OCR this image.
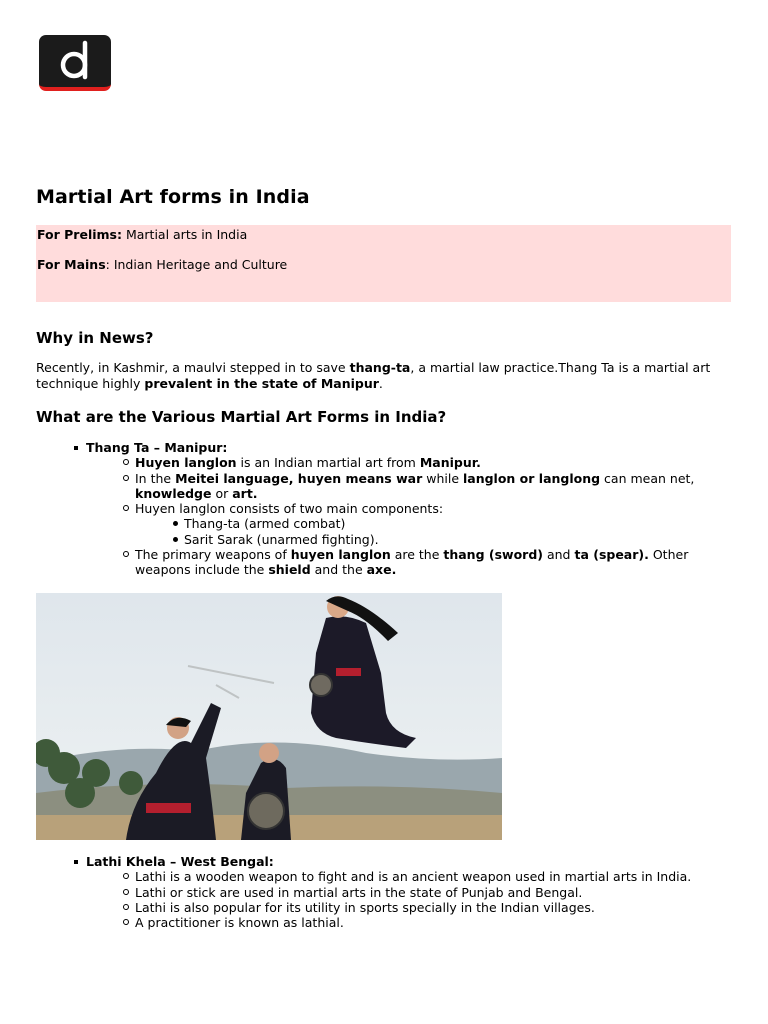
Martial Art forms in India
For Prelims: Martial arts in India
For Mains: Indian Heritage and Culture
Why in News?

Recently, in Kashmir, a maulvi stepped in to save thang-ta, a martial law practice.Thang Ta is a martial art technique highly prevalent in the state of Manipur.

What are the Various Martial Art Forms in India?
Thang Ta – Manipur:
Huyen langlon is an Indian martial art from Manipur.
In the Meitei language, huyen means war while langlon or langlong can mean net, knowledge or art.
Huyen langlon consists of two main components:
Thang-ta (armed combat)
Sarit Sarak (unarmed fighting).
The primary weapons of huyen langlon are the thang (sword) and ta (spear). Other weapons include the shield and the axe.
Lathi Khela – West Bengal:
Lathi is a wooden weapon to fight and is an ancient weapon used in martial arts in India.
Lathi or stick are used in martial arts in the state of Punjab and Bengal.
Lathi is also popular for its utility in sports specially in the Indian villages.
A practitioner is known as lathial.
